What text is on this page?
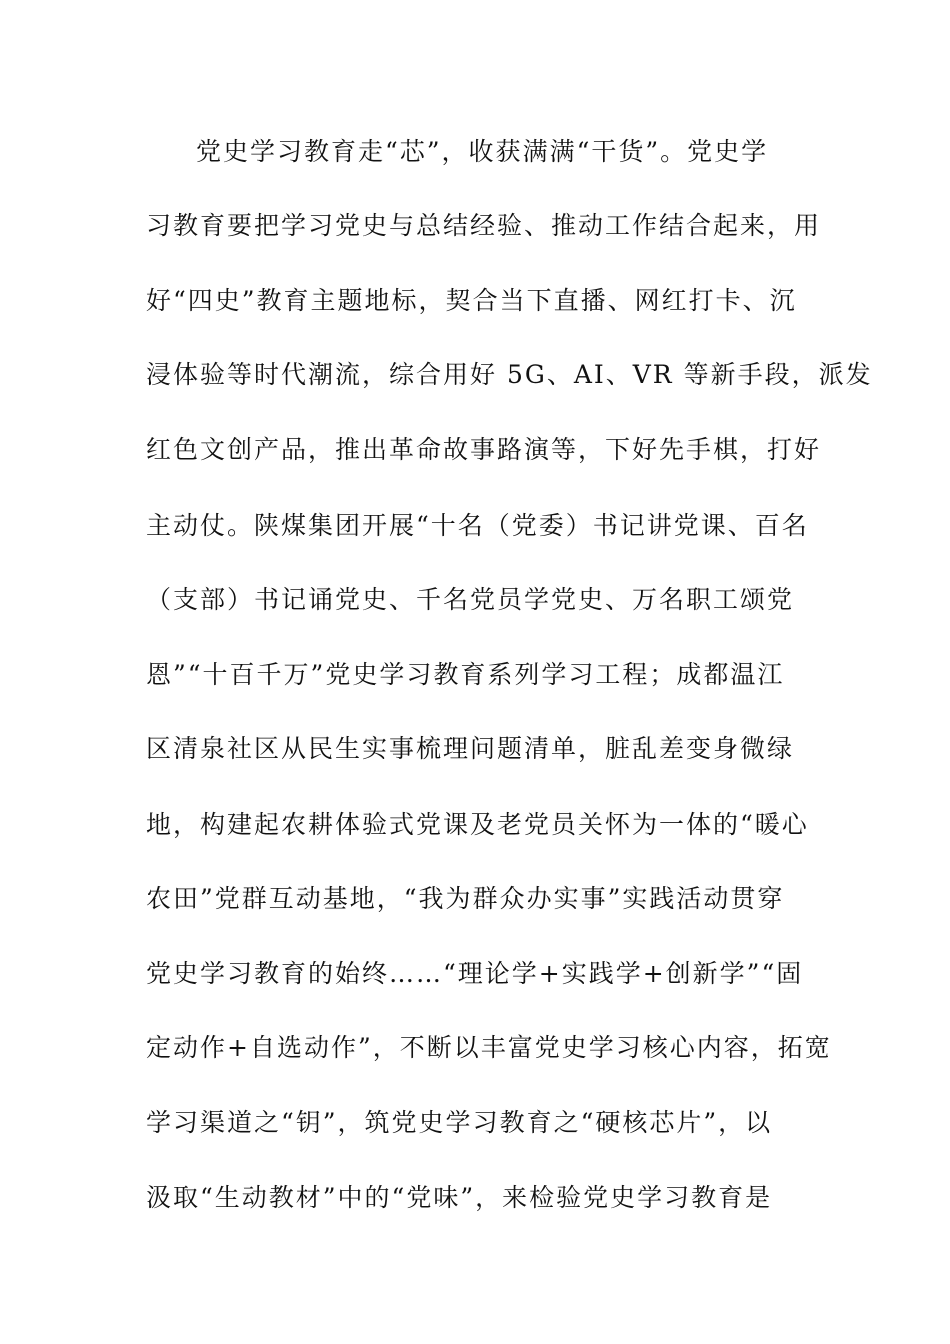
党史学习教育走“芯”，收获满满“干货”。党史学
习教育要把学习党史与总结经验、推动工作结合起来，用
好“四史”教育主题地标，契合当下直播、网红打卡、沉
浸体验等时代潮流，综合用好 5G、AI、VR 等新手段，派发
红色文创产品，推出革命故事路演等，下好先手棋，打好
主动仗。陕煤集团开展“十名（党委）书记讲党课、百名
（支部）书记诵党史、千名党员学党史、万名职工颂党
恩”“十百千万”党史学习教育系列学习工程；成都温江
区清泉社区从民生实事梳理问题清单，脏乱差变身微绿
地，构建起农耕体验式党课及老党员关怀为一体的“暖心
农田”党群互动基地，“我为群众办实事”实践活动贯穿
党史学习教育的始终……“理论学+实践学+创新学”“固
定动作+自选动作”，不断以丰富党史学习核心内容，拓宽
学习渠道之“钥”，筑党史学习教育之“硬核芯片”，以
汲取“生动教材”中的“党味”，来检验党史学习教育是
